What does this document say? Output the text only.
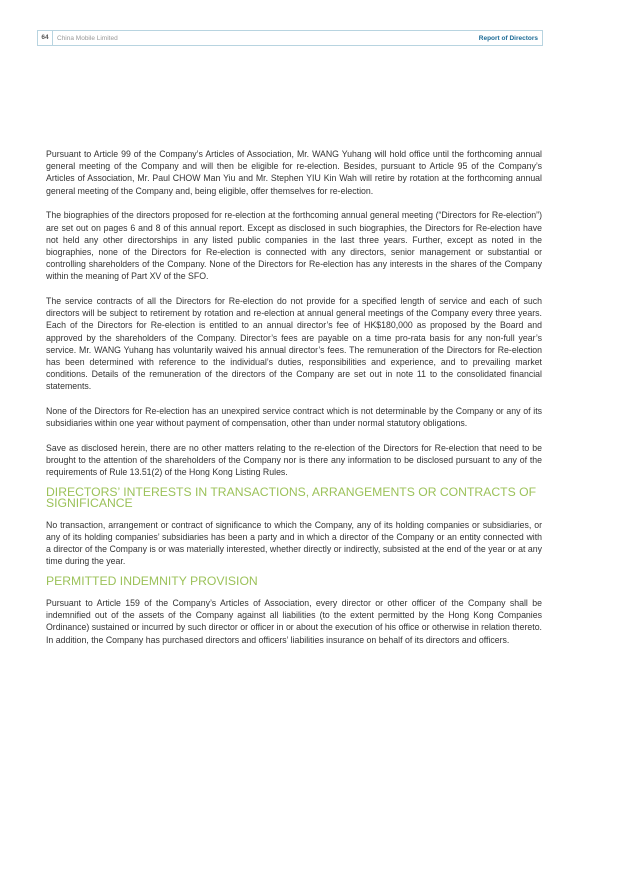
64	China Mobile Limited	Report of Directors

Pursuant to Article 99 of the Company’s Articles of Association, Mr. WANG Yuhang will hold office until the forthcoming annual general meeting of the Company and will then be eligible for re-election. Besides, pursuant to Article 95 of the Company’s Articles of Association, Mr. Paul CHOW Man Yiu and Mr. Stephen YIU Kin Wah will retire by rotation at the forthcoming annual general meeting of the Company and, being eligible, offer themselves for re-election.

The biographies of the directors proposed for re-election at the forthcoming annual general meeting (“Directors for Re-election”) are set out on pages 6 and 8 of this annual report. Except as disclosed in such biographies, the Directors for Re-election have not held any other directorships in any listed public companies in the last three years. Further, except as noted in the biographies, none of the Directors for Re-election is connected with any directors, senior management or substantial or controlling shareholders of the Company. None of the Directors for Re-election has any interests in the shares of the Company within the meaning of Part XV of the SFO.

The service contracts of all the Directors for Re-election do not provide for a specified length of service and each of such directors will be subject to retirement by rotation and re-election at annual general meetings of the Company every three years. Each of the Directors for Re-election is entitled to an annual director’s fee of HK$180,000 as proposed by the Board and approved by the shareholders of the Company. Director’s fees are payable on a time pro-rata basis for any non-full year’s service. Mr. WANG Yuhang has voluntarily waived his annual director’s fees. The remuneration of the Directors for Re-election has been determined with reference to the individual’s duties, responsibilities and experience, and to prevailing market conditions. Details of the remuneration of the directors of the Company are set out in note 11 to the consolidated financial statements.

None of the Directors for Re-election has an unexpired service contract which is not determinable by the Company or any of its subsidiaries within one year without payment of compensation, other than under normal statutory obligations.

Save as disclosed herein, there are no other matters relating to the re-election of the Directors for Re-election that need to be brought to the attention of the shareholders of the Company nor is there any information to be disclosed pursuant to any of the requirements of Rule 13.51(2) of the Hong Kong Listing Rules.

DIRECTORS’ INTERESTS IN TRANSACTIONS, ARRANGEMENTS OR CONTRACTS OF SIGNIFICANCE

No transaction, arrangement or contract of significance to which the Company, any of its holding companies or subsidiaries, or any of its holding companies’ subsidiaries has been a party and in which a director of the Company or an entity connected with a director of the Company is or was materially interested, whether directly or indirectly, subsisted at the end of the year or at any time during the year.

PERMITTED INDEMNITY PROVISION

Pursuant to Article 159 of the Company’s Articles of Association, every director or other officer of the Company shall be indemnified out of the assets of the Company against all liabilities (to the extent permitted by the Hong Kong Companies Ordinance) sustained or incurred by such director or officer in or about the execution of his office or otherwise in relation thereto. In addition, the Company has purchased directors and officers’ liabilities insurance on behalf of its directors and officers.
